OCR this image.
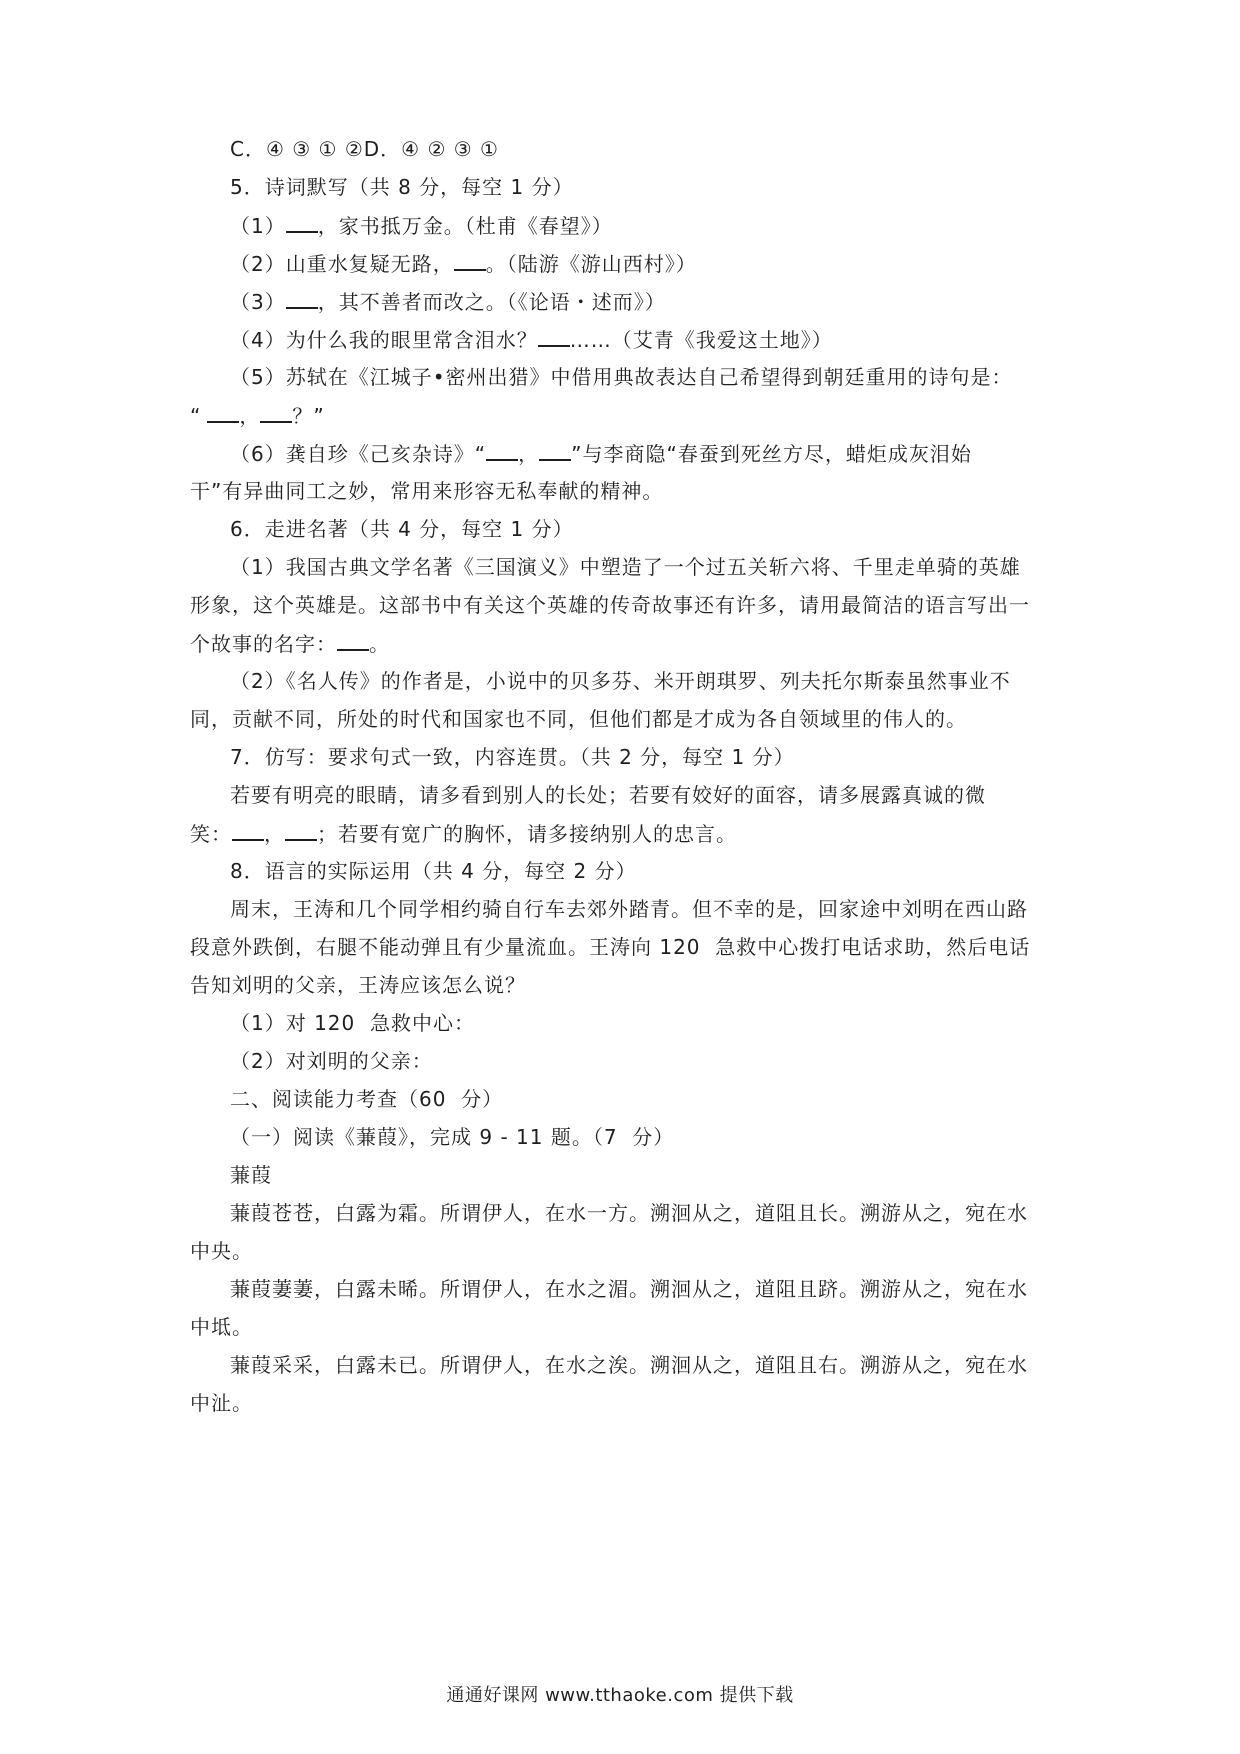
C．④ ③ ① ②D．④ ② ③ ①
5．诗词默写（共 8 分，每空 1 分）
（1） ，家书抵万金。（杜甫《春望》）
（2）山重水复疑无路， 。（陆游《游山西村》）
（3） ，其不善者而改之。（《论语・述而》）
（4）为什么我的眼里常含泪水？ ……（艾青《我爱这土地》）
（5）苏轼在《江城子•密州出猎》中借用典故表达自己希望得到朝廷重用的诗句是：
“ ， ？”
（6）龚自珍《己亥杂诗》“ ， ”与李商隐“春蚕到死丝方尽，蜡炬成灰泪始
干”有异曲同工之妙，常用来形容无私奉献的精神。
6．走进名著（共 4 分，每空 1 分）
（1）我国古典文学名著《三国演义》中塑造了一个过五关斩六将、千里走单骑的英雄
形象，这个英雄是。这部书中有关这个英雄的传奇故事还有许多，请用最简洁的语言写出一
个故事的名字： 。
（2）《名人传》的作者是，小说中的贝多芬、米开朗琪罗、列夫托尔斯泰虽然事业不
同，贡献不同，所处的时代和国家也不同，但他们都是才成为各自领域里的伟人的。
7．仿写：要求句式一致，内容连贯。（共 2 分，每空 1 分）
若要有明亮的眼睛，请多看到别人的长处；若要有姣好的面容，请多展露真诚的微
笑： ， ；若要有宽广的胸怀，请多接纳别人的忠言。
8．语言的实际运用（共 4 分，每空 2 分）
周末，王涛和几个同学相约骑自行车去郊外踏青。但不幸的是，回家途中刘明在西山路
段意外跌倒，右腿不能动弹且有少量流血。王涛向 120  急救中心拨打电话求助，然后电话
告知刘明的父亲，王涛应该怎么说？
（1）对 120  急救中心：
（2）对刘明的父亲：
二、阅读能力考查（60  分）
（一）阅读《蒹葭》，完成 9 - 11 题。（7  分）
蒹葭
蒹葭苍苍，白露为霜。所谓伊人，在水一方。溯洄从之，道阻且长。溯游从之，宛在水
中央。
蒹葭萋萋，白露未晞。所谓伊人，在水之湄。溯洄从之，道阻且跻。溯游从之，宛在水
中坻。
蒹葭采采，白露未已。所谓伊人，在水之涘。溯洄从之，道阻且右。溯游从之，宛在水
中沚。
通通好课网 www.tthaoke.com 提供下载
